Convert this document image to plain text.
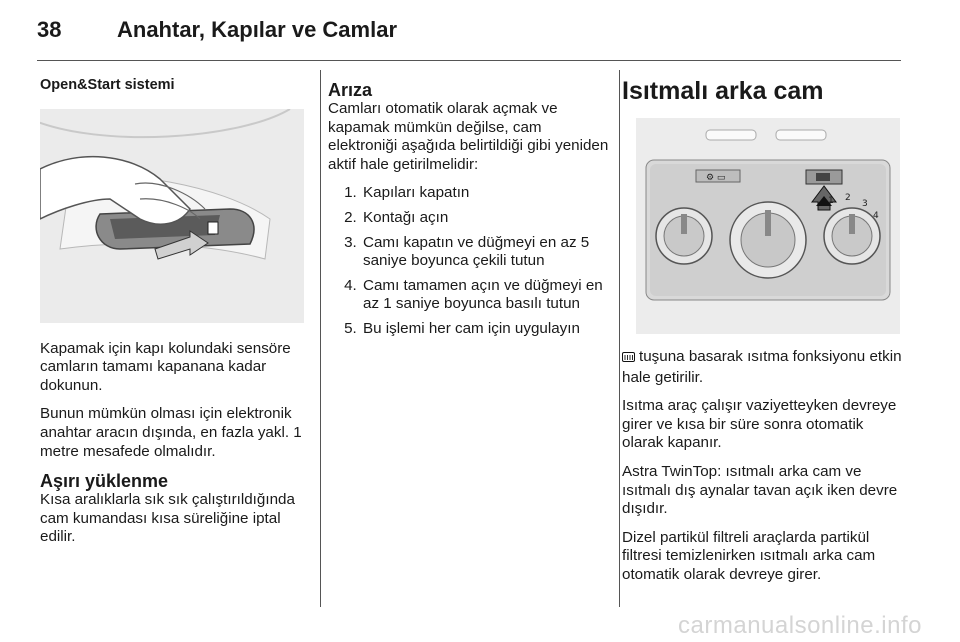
38	Anahtar, Kapılar ve Camlar
Open&Start sistemi

Kapamak için kapı kolundaki sensöre camların tamamı kapanana kadar dokunun.

Bunun mümkün olması için elektronik anahtar aracın dışında, en fazla yakl. 1 metre mesafede olmalıdır.

Aşırı yüklenme

Kısa aralıklarla sık sık çalıştırıldığında cam kumandası kısa süreliğine iptal edilir.

Arıza

Camları otomatik olarak açmak ve kapamak mümkün değilse, cam elektroniği aşağıda belirtildiği gibi yeniden aktif hale getirilmelidir:

1. Kapıları kapatın
2. Kontağı açın
3. Camı kapatın ve düğmeyi en az 5 saniye boyunca çekili tutun
4. Camı tamamen açın ve düğmeyi en az 1 saniye boyunca basılı tutun
5. Bu işlemi her cam için uygulayın
Isıtmalı arka cam
⚙ ▭
1 2
3
4

tuşuna basarak ısıtma fonksiyonu etkin hale getirilir.

Isıtma araç çalışır vaziyetteyken devreye girer ve kısa bir süre sonra otomatik olarak kapanır.

Astra TwinTop: ısıtmalı arka cam ve ısıtmalı dış aynalar tavan açık iken devre dışıdır.

Dizel partikül filtreli araçlarda partikül filtresi temizlenirken ısıtmalı arka cam otomatik olarak devreye girer.

carmanualsonline.info
